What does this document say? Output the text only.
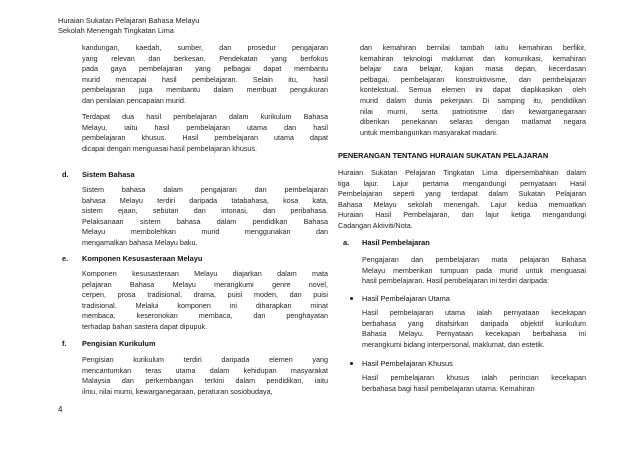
Huraian Sukatan Pelajaran Bahasa Melayu
Sekolah Menengah Tingkatan Lima
kandungan, kaedah, sumber, dan prosedur pengajaran
yang relevan dan berkesan. Pendekatan yang berfokus
pada gaya pembelajaran yang pelbagai dapat membantu
murid mencapai hasil pembelajaran. Selain itu, hasil
pembelajaran juga membantu dalam membuat pengukuran
dan penilaian pencapaian murid.
Terdapat dua hasil pembelajaran dalam kurikulum Bahasa
Melayu, iaitu hasil pembelajaran utama dan hasil
pembelajaran khusus. Hasil pembelajaran utama dapat
dicapai dengan menguasai hasil pembelajaran khusus.
d. Sistem Bahasa
Sistem bahasa dalam pengajaran dan pembelajaran
bahasa Melayu terdiri daripada tatabahasa, kosa kata,
sistem ejaan, sebutan dan intonasi, dan peribahasa.
Pelaksanaan sistem bahasa dalam pendidikan Bahasa
Melayu membolehkan murid menggunakan dan
mengamalkan bahasa Melayu baku.
e. Komponen Kesusasteraan Melayu
Komponen kesusasteraan Melayu diajarkan dalam mata
pelajaran Bahasa Melayu merangkumi genre novel,
cerpen, prosa tradisional, drama, puisi moden, dan puisi
tradisional. Melalui komponen ini diharapkan minat
membaca, keseronokan membaca, dan penghayatan
terhadap bahan sastera dapat dipupuk.
f. Pengisian Kurikulum
Pengisian kurikulum terdiri daripada elemen yang
mencantumkan teras utama dalam kehidupan masyarakat
Malaysia dan perkembangan terkini dalam pendidikan, iaitu
ilmu, nilai murni, kewarganegaraan, peraturan sosiobudaya,
dan kemahiran bernilai tambah iaitu kemahiran berfikir,
kemahiran teknologi maklumat dan komunikasi, kemahiran
belajar cara belajar, kajian masa depan, kecerdasan
pelbagai, pembelajaran konstruktivisme, dan pembelajaran
kontekstual. Semua elemen ini dapat diaplikasikan oleh
murid dalam dunia pekerjaan. Di samping itu, pendidikan
nilai murni, serta patriotisme dan kewarganegaraan
diberikan penekanan selaras dengan matlamat negara
untuk membangunkan masyarakat madani.
PENERANGAN TENTANG HURAIAN SUKATAN PELAJARAN
Huraian Sukatan Pelajaran Tingkatan Lima dipersembahkan dalam
tiga lajur. Lajur pertama mengandungi pernyataan Hasil
Pembelajaran seperti yang terdapat dalam Sukatan Pelajaran
Bahasa Melayu sekolah menengah. Lajur kedua memuatkan
Huraian Hasil Pembelajaran, dan lajur ketiga mengandungi
Cadangan Aktiviti/Nota.
a. Hasil Pembelajaran
Pengajaran dan pembelajaran mata pelajaran Bahasa
Melayu memberikan tumpuan pada murid untuk menguasai
hasil pembelajaran. Hasil pembelajaran ini terdiri daripada:
Hasil Pembelajaran Utama
Hasil pembelajaran utama ialah pernyataan kecekapan
berbahasa yang ditafsirkan daripada objektif kurikulum
Bahasa Melayu. Pernyataan kecekapan berbahasa ini
merangkumi bidang interpersonal, maklumat, dan estetik.
Hasil Pembelajaran Khusus
Hasil pembelajaran khusus ialah perincian kecekapan
berbahasa bagi hasil pembelajaran utama. Kemahiran
4
